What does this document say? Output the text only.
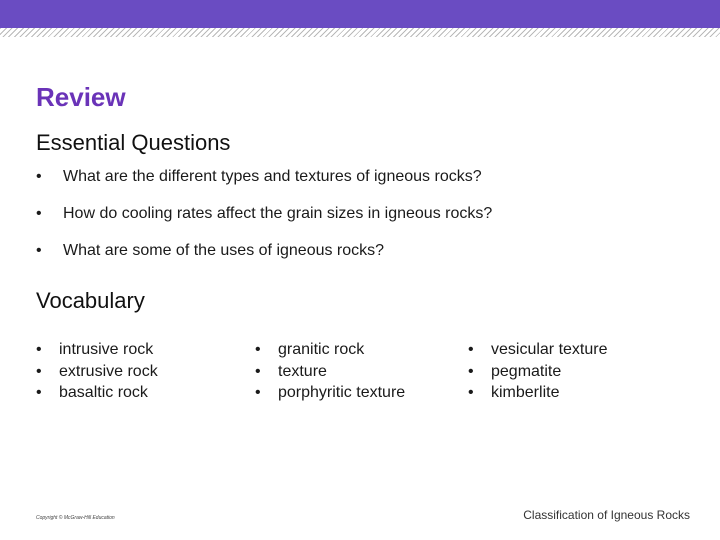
Review
Essential Questions
• What are the different types and textures of igneous rocks?
• How do cooling rates affect the grain sizes in igneous rocks?
• What are some of the uses of igneous rocks?
Vocabulary
• intrusive rock
• extrusive rock
• basaltic rock
• granitic rock
• texture
• porphyritic texture
• vesicular texture
• pegmatite
• kimberlite
Copyright © McGraw-Hill Education	Classification of Igneous Rocks
